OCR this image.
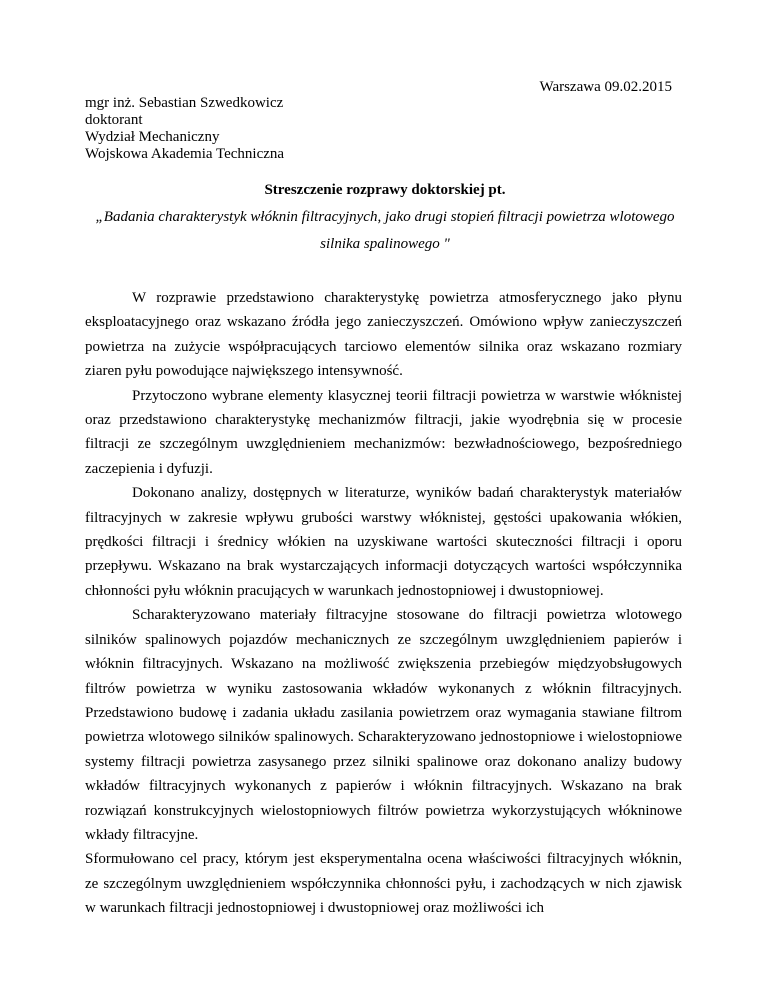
Warszawa 09.02.2015
mgr inż. Sebastian Szwedkowicz
doktorant
Wydział Mechaniczny
Wojskowa Akademia Techniczna
Streszczenie rozprawy doktorskiej pt.
„Badania charakterystyk włóknin filtracyjnych, jako drugi stopień filtracji powietrza wlotowego silnika spalinowego "

W rozprawie przedstawiono charakterystykę powietrza atmosferycznego jako płynu eksploatacyjnego oraz wskazano źródła jego zanieczyszczeń. Omówiono wpływ zanieczyszczeń powietrza na zużycie współpracujących tarciowo elementów silnika oraz wskazano rozmiary ziaren pyłu powodujące największego intensywność.

Przytoczono wybrane elementy klasycznej teorii filtracji powietrza w warstwie włóknistej oraz przedstawiono charakterystykę mechanizmów filtracji, jakie wyodrębnia się w procesie filtracji ze szczególnym uwzględnieniem mechanizmów: bezwładnościowego, bezpośredniego zaczepienia i dyfuzji.

Dokonano analizy, dostępnych w literaturze, wyników badań charakterystyk materiałów filtracyjnych w zakresie wpływu grubości warstwy włóknistej, gęstości upakowania włókien, prędkości filtracji i średnicy włókien na uzyskiwane wartości skuteczności filtracji i oporu przepływu. Wskazano na brak wystarczających informacji dotyczących wartości współczynnika chłonności pyłu włóknin pracujących w warunkach jednostopniowej i dwustopniowej.

Scharakteryzowano materiały filtracyjne stosowane do filtracji powietrza wlotowego silników spalinowych pojazdów mechanicznych ze szczególnym uwzględnieniem papierów i włóknin filtracyjnych. Wskazano na możliwość zwiększenia przebiegów międzyobsługowych filtrów powietrza w wyniku zastosowania wkładów wykonanych z włóknin filtracyjnych. Przedstawiono budowę i zadania układu zasilania powietrzem oraz wymagania stawiane filtrom powietrza wlotowego silników spalinowych. Scharakteryzowano jednostopniowe i wielostopniowe systemy filtracji powietrza zasysanego przez silniki spalinowe oraz dokonano analizy budowy wkładów filtracyjnych wykonanych z papierów i włóknin filtracyjnych. Wskazano na brak rozwiązań konstrukcyjnych wielostopniowych filtrów powietrza wykorzystujących włókninowe wkłady filtracyjne.

Sformułowano cel pracy, którym jest eksperymentalna ocena właściwości filtracyjnych włóknin, ze szczególnym uwzględnieniem współczynnika chłonności pyłu, i zachodzących w nich zjawisk w warunkach filtracji jednostopniowej i dwustopniowej oraz możliwości ich
